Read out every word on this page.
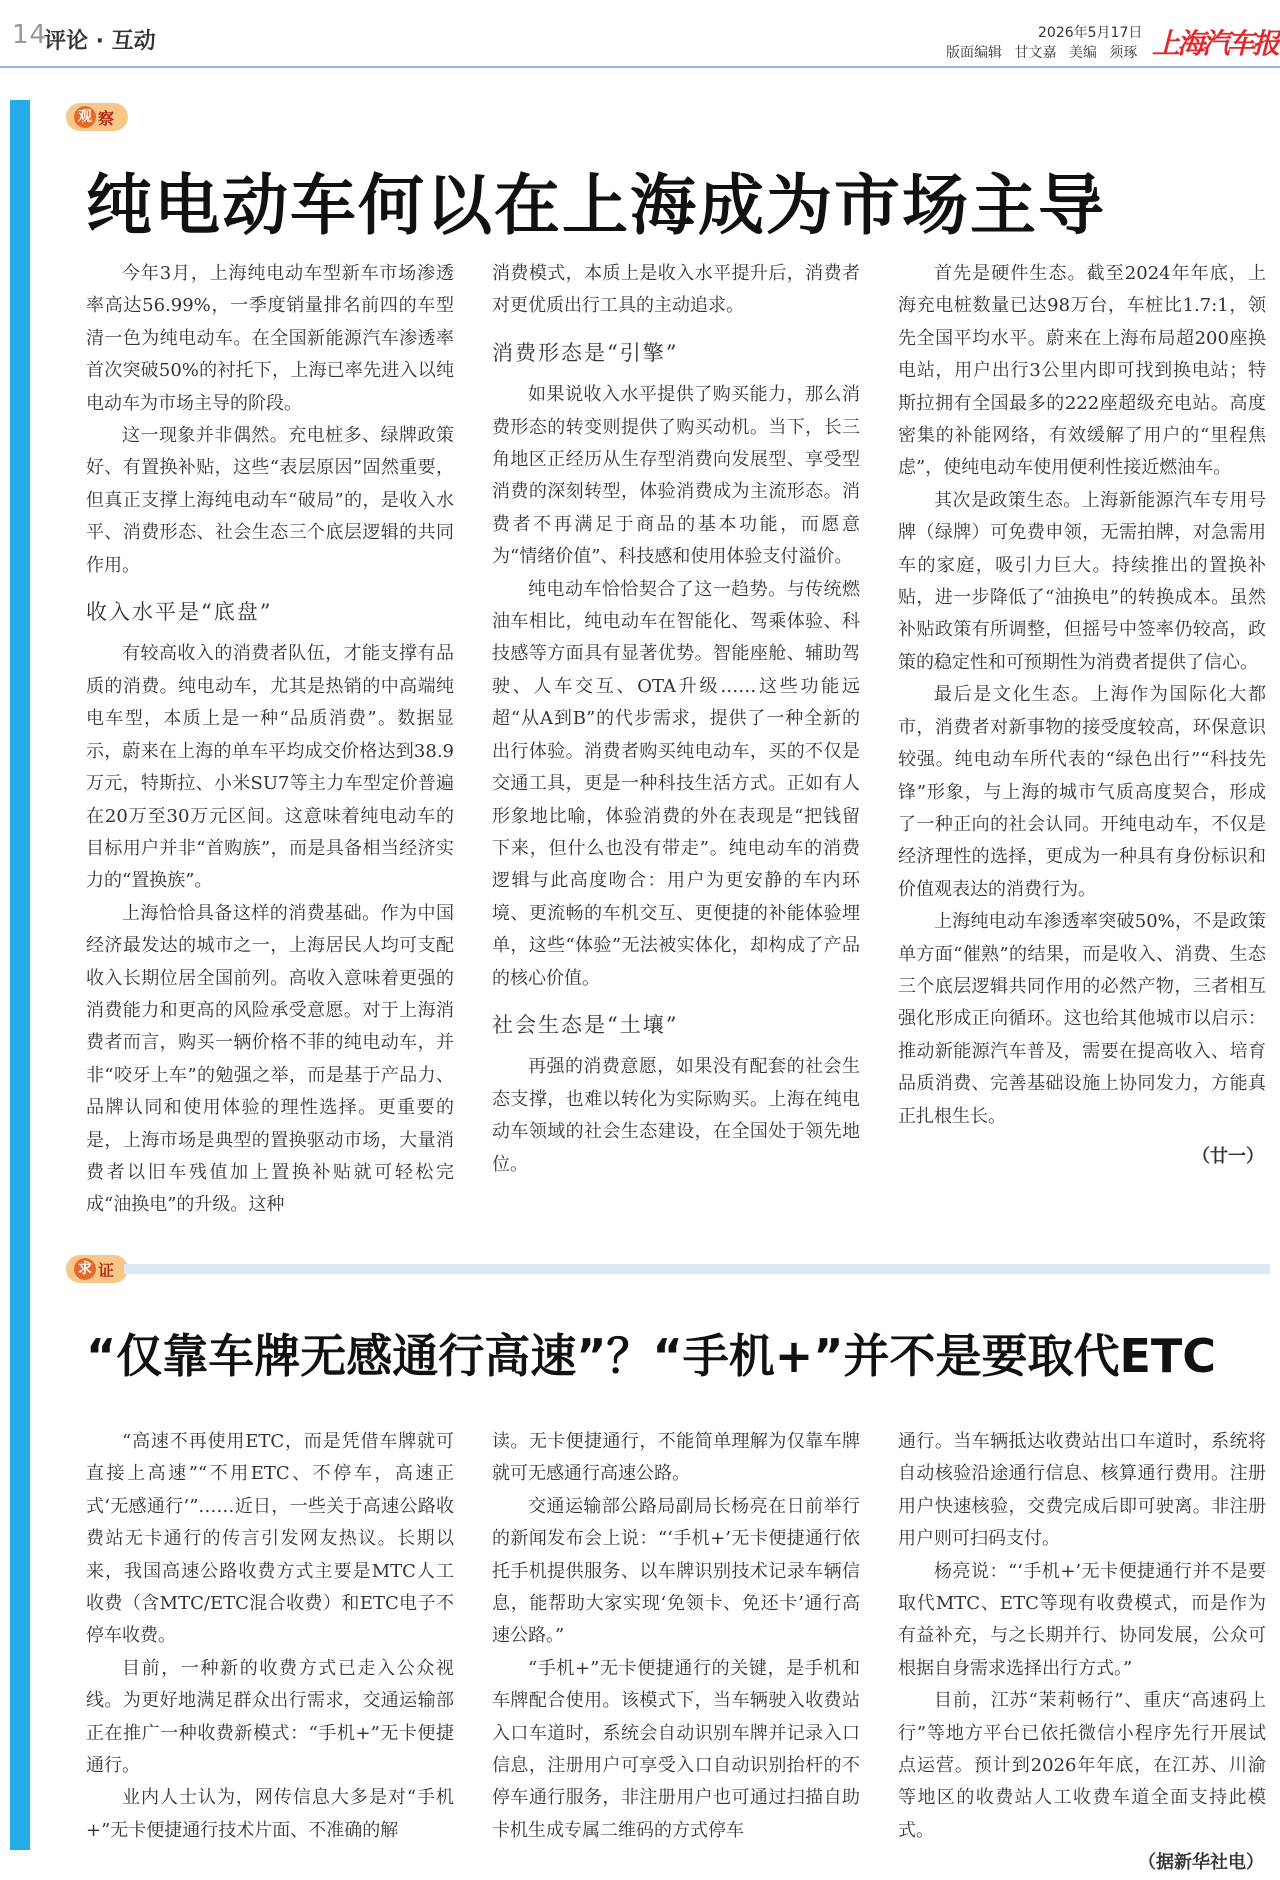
14
评论 · 互动	2026年5月17日
版面编辑 甘文嘉 美编 须琢 上海汽车报
观 察
纯电动车何以在上海成为市场主导

今年3月，上海纯电动车型新车市场渗透率高达56.99%，一季度销量排名前四的车型清一色为纯电动车。在全国新能源汽车渗透率首次突破50%的衬托下，上海已率先进入以纯电动车为市场主导的阶段。

这一现象并非偶然。充电桩多、绿牌政策好、有置换补贴，这些“表层原因”固然重要，但真正支撑上海纯电动车“破局”的，是收入水平、消费形态、社会生态三个底层逻辑的共同作用。

收入水平是“底盘”

有较高收入的消费者队伍，才能支撑有品质的消费。纯电动车，尤其是热销的中高端纯电车型，本质上是一种“品质消费”。数据显示，蔚来在上海的单车平均成交价格达到38.9万元，特斯拉、小米SU7等主力车型定价普遍在20万至30万元区间。这意味着纯电动车的目标用户并非“首购族”，而是具备相当经济实力的“置换族”。

上海恰恰具备这样的消费基础。作为中国经济最发达的城市之一，上海居民人均可支配收入长期位居全国前列。高收入意味着更强的消费能力和更高的风险承受意愿。对于上海消费者而言，购买一辆价格不菲的纯电动车，并非“咬牙上车”的勉强之举，而是基于产品力、品牌认同和使用体验的理性选择。更重要的是，上海市场是典型的置换驱动市场，大量消费者以旧车残值加上置换补贴就可轻松完成“油换电”的升级。这种

消费模式，本质上是收入水平提升后，消费者对更优质出行工具的主动追求。

消费形态是“引擎”

如果说收入水平提供了购买能力，那么消费形态的转变则提供了购买动机。当下，长三角地区正经历从生存型消费向发展型、享受型消费的深刻转型，体验消费成为主流形态。消费者不再满足于商品的基本功能，而愿意为“情绪价值”、科技感和使用体验支付溢价。

纯电动车恰恰契合了这一趋势。与传统燃油车相比，纯电动车在智能化、驾乘体验、科技感等方面具有显著优势。智能座舱、辅助驾驶、人车交互、OTA升级……这些功能远超“从A到B”的代步需求，提供了一种全新的出行体验。消费者购买纯电动车，买的不仅是交通工具，更是一种科技生活方式。正如有人形象地比喻，体验消费的外在表现是“把钱留下来，但什么也没有带走”。纯电动车的消费逻辑与此高度吻合：用户为更安静的车内环境、更流畅的车机交互、更便捷的补能体验埋单，这些“体验”无法被实体化，却构成了产品的核心价值。

社会生态是“土壤”

再强的消费意愿，如果没有配套的社会生态支撑，也难以转化为实际购买。上海在纯电动车领域的社会生态建设，在全国处于领先地位。

首先是硬件生态。截至2024年年底，上海充电桩数量已达98万台，车桩比1.7:1，领先全国平均水平。蔚来在上海布局超200座换电站，用户出行3公里内即可找到换电站；特斯拉拥有全国最多的222座超级充电站。高度密集的补能网络，有效缓解了用户的“里程焦虑”，使纯电动车使用便利性接近燃油车。

其次是政策生态。上海新能源汽车专用号牌（绿牌）可免费申领，无需拍牌，对急需用车的家庭，吸引力巨大。持续推出的置换补贴，进一步降低了“油换电”的转换成本。虽然补贴政策有所调整，但摇号中签率仍较高，政策的稳定性和可预期性为消费者提供了信心。

最后是文化生态。上海作为国际化大都市，消费者对新事物的接受度较高，环保意识较强。纯电动车所代表的“绿色出行”“科技先锋”形象，与上海的城市气质高度契合，形成了一种正向的社会认同。开纯电动车，不仅是经济理性的选择，更成为一种具有身份标识和价值观表达的消费行为。

上海纯电动车渗透率突破50%，不是政策单方面“催熟”的结果，而是收入、消费、生态三个底层逻辑共同作用的必然产物，三者相互强化形成正向循环。这也给其他城市以启示：推动新能源汽车普及，需要在提高收入、培育品质消费、完善基础设施上协同发力，方能真正扎根生长。

（廿一）

求 证
“仅靠车牌无感通行高速”？“手机+”并不是要取代ETC

“高速不再使用ETC，而是凭借车牌就可直接上高速”“不用ETC、不停车，高速正式‘无感通行’”……近日，一些关于高速公路收费站无卡通行的传言引发网友热议。长期以来，我国高速公路收费方式主要是MTC人工收费（含MTC/ETC混合收费）和ETC电子不停车收费。

目前，一种新的收费方式已走入公众视线。为更好地满足群众出行需求，交通运输部正在推广一种收费新模式：“手机+”无卡便捷通行。

业内人士认为，网传信息大多是对“手机+”无卡便捷通行技术片面、不准确的解

读。无卡便捷通行，不能简单理解为仅靠车牌就可无感通行高速公路。

交通运输部公路局副局长杨亮在日前举行的新闻发布会上说：“‘手机+’无卡便捷通行依托手机提供服务、以车牌识别技术记录车辆信息，能帮助大家实现‘免领卡、免还卡’通行高速公路。”

“手机+”无卡便捷通行的关键，是手机和车牌配合使用。该模式下，当车辆驶入收费站入口车道时，系统会自动识别车牌并记录入口信息，注册用户可享受入口自动识别抬杆的不停车通行服务，非注册用户也可通过扫描自助卡机生成专属二维码的方式停车

通行。当车辆抵达收费站出口车道时，系统将自动核验沿途通行信息、核算通行费用。注册用户快速核验，交费完成后即可驶离。非注册用户则可扫码支付。

杨亮说：“‘手机+’无卡便捷通行并不是要取代MTC、ETC等现有收费模式，而是作为有益补充，与之长期并行、协同发展，公众可根据自身需求选择出行方式。”

目前，江苏“茉莉畅行”、重庆“高速码上行”等地方平台已依托微信小程序先行开展试点运营。预计到2026年年底，在江苏、川渝等地区的收费站人工收费车道全面支持此模式。

（据新华社电）
